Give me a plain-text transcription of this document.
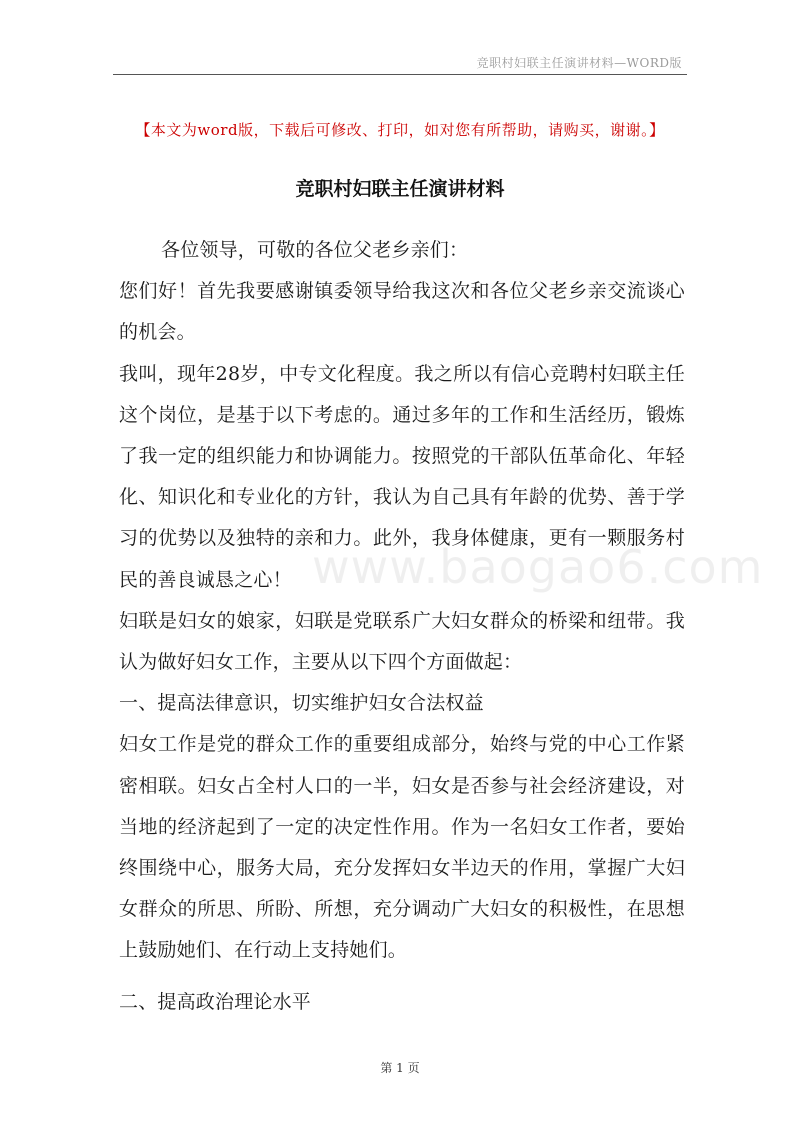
竞职村妇联主任演讲材料—WORD版
【本文为word版，下载后可修改、打印，如对您有所帮助，请购买，谢谢。】
竞职村妇联主任演讲材料
www.baogao6.com

各位领导，可敬的各位父老乡亲们：

您们好！首先我要感谢镇委领导给我这次和各位父老乡亲交流谈心的机会。

我叫，现年28岁，中专文化程度。我之所以有信心竞聘村妇联主任这个岗位，是基于以下考虑的。通过多年的工作和生活经历，锻炼了我一定的组织能力和协调能力。按照党的干部队伍革命化、年轻化、知识化和专业化的方针，我认为自己具有年龄的优势、善于学习的优势以及独特的亲和力。此外，我身体健康，更有一颗服务村民的善良诚恳之心！

妇联是妇女的娘家，妇联是党联系广大妇女群众的桥梁和纽带。我认为做好妇女工作，主要从以下四个方面做起：

一、提高法律意识，切实维护妇女合法权益

妇女工作是党的群众工作的重要组成部分，始终与党的中心工作紧密相联。妇女占全村人口的一半，妇女是否参与社会经济建设，对当地的经济起到了一定的决定性作用。作为一名妇女工作者，要始终围绕中心，服务大局，充分发挥妇女半边天的作用，掌握广大妇女群众的所思、所盼、所想，充分调动广大妇女的积极性，在思想上鼓励她们、在行动上支持她们。

二、提高政治理论水平

第 1 页
